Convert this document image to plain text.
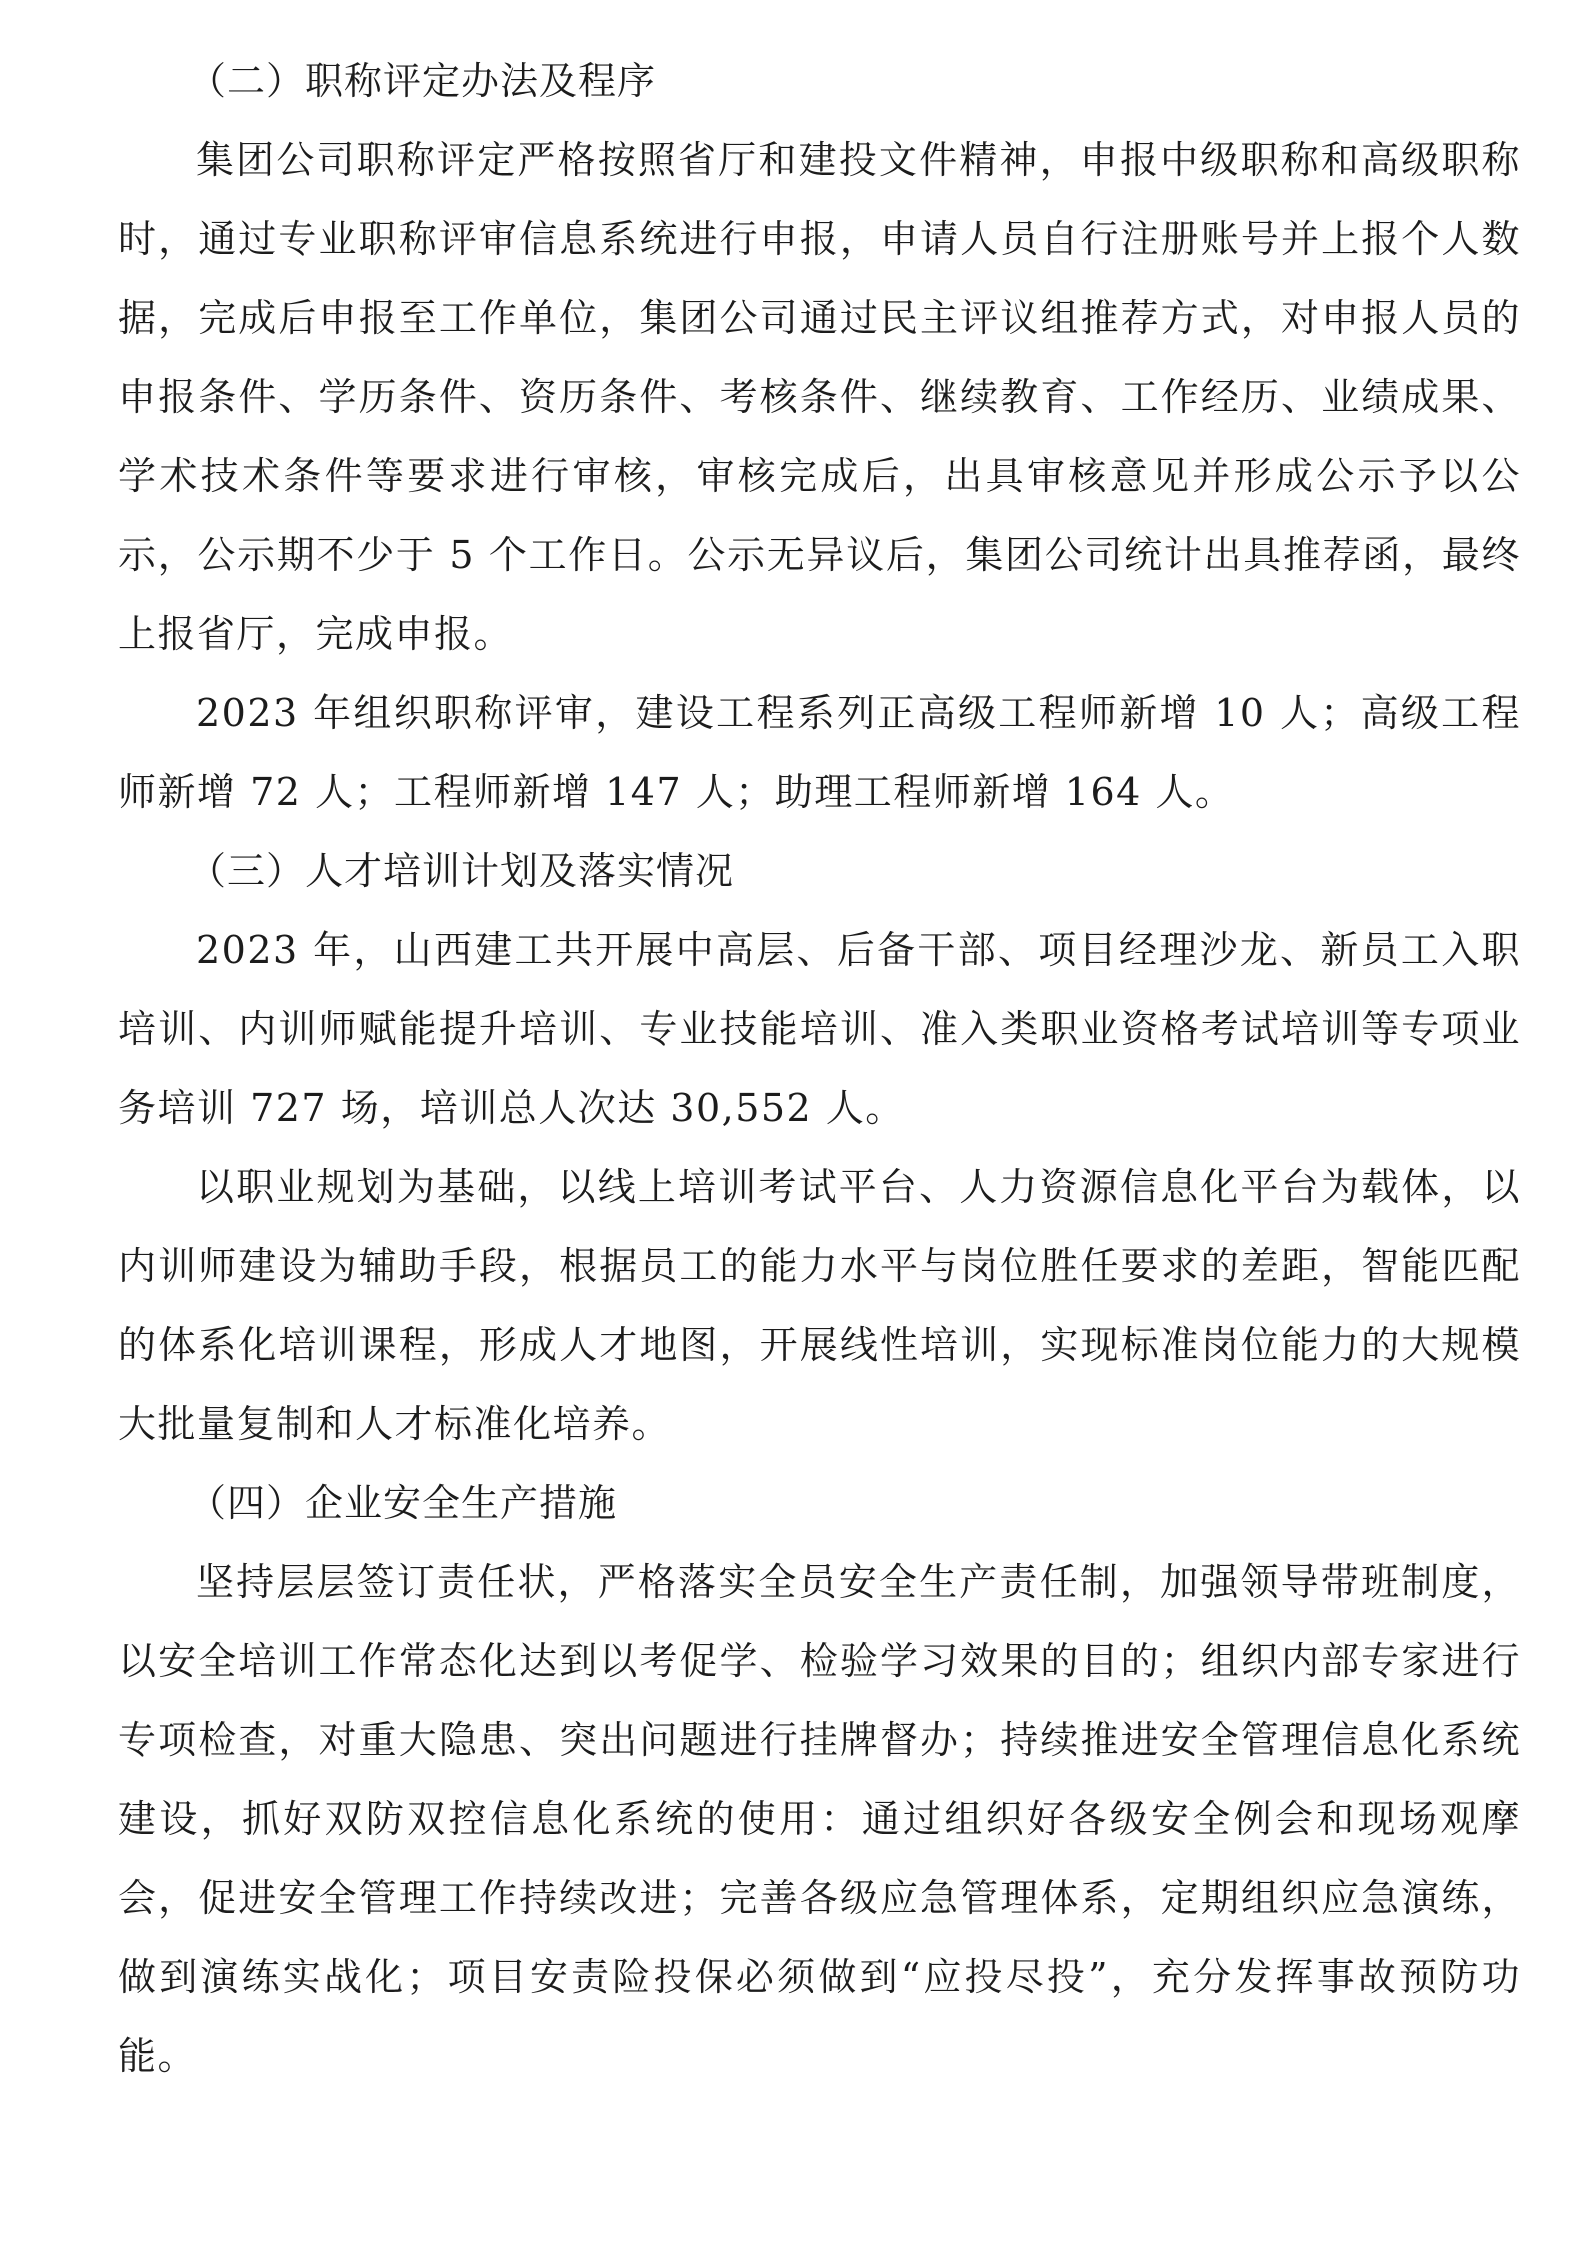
（二）职称评定办法及程序

集团公司职称评定严格按照省厅和建投文件精神，申报中级职称和高级职称时，通过专业职称评审信息系统进行申报，申请人员自行注册账号并上报个人数据，完成后申报至工作单位，集团公司通过民主评议组推荐方式，对申报人员的申报条件、学历条件、资历条件、考核条件、继续教育、工作经历、业绩成果、学术技术条件等要求进行审核，审核完成后，出具审核意见并形成公示予以公示，公示期不少于 5 个工作日。公示无异议后，集团公司统计出具推荐函，最终上报省厅，完成申报。

2023 年组织职称评审，建设工程系列正高级工程师新增 10 人；高级工程师新增 72 人；工程师新增 147 人；助理工程师新增 164 人。

（三）人才培训计划及落实情况

2023 年，山西建工共开展中高层、后备干部、项目经理沙龙、新员工入职培训、内训师赋能提升培训、专业技能培训、准入类职业资格考试培训等专项业务培训 727 场，培训总人次达 30,552 人。

以职业规划为基础，以线上培训考试平台、人力资源信息化平台为载体，以内训师建设为辅助手段，根据员工的能力水平与岗位胜任要求的差距，智能匹配的体系化培训课程，形成人才地图，开展线性培训，实现标准岗位能力的大规模大批量复制和人才标准化培养。

（四）企业安全生产措施

坚持层层签订责任状，严格落实全员安全生产责任制，加强领导带班制度，以安全培训工作常态化达到以考促学、检验学习效果的目的；组织内部专家进行专项检查，对重大隐患、突出问题进行挂牌督办；持续推进安全管理信息化系统建设，抓好双防双控信息化系统的使用：通过组织好各级安全例会和现场观摩会，促进安全管理工作持续改进；完善各级应急管理体系，定期组织应急演练，做到演练实战化；项目安责险投保必须做到“应投尽投”，充分发挥事故预防功能。
